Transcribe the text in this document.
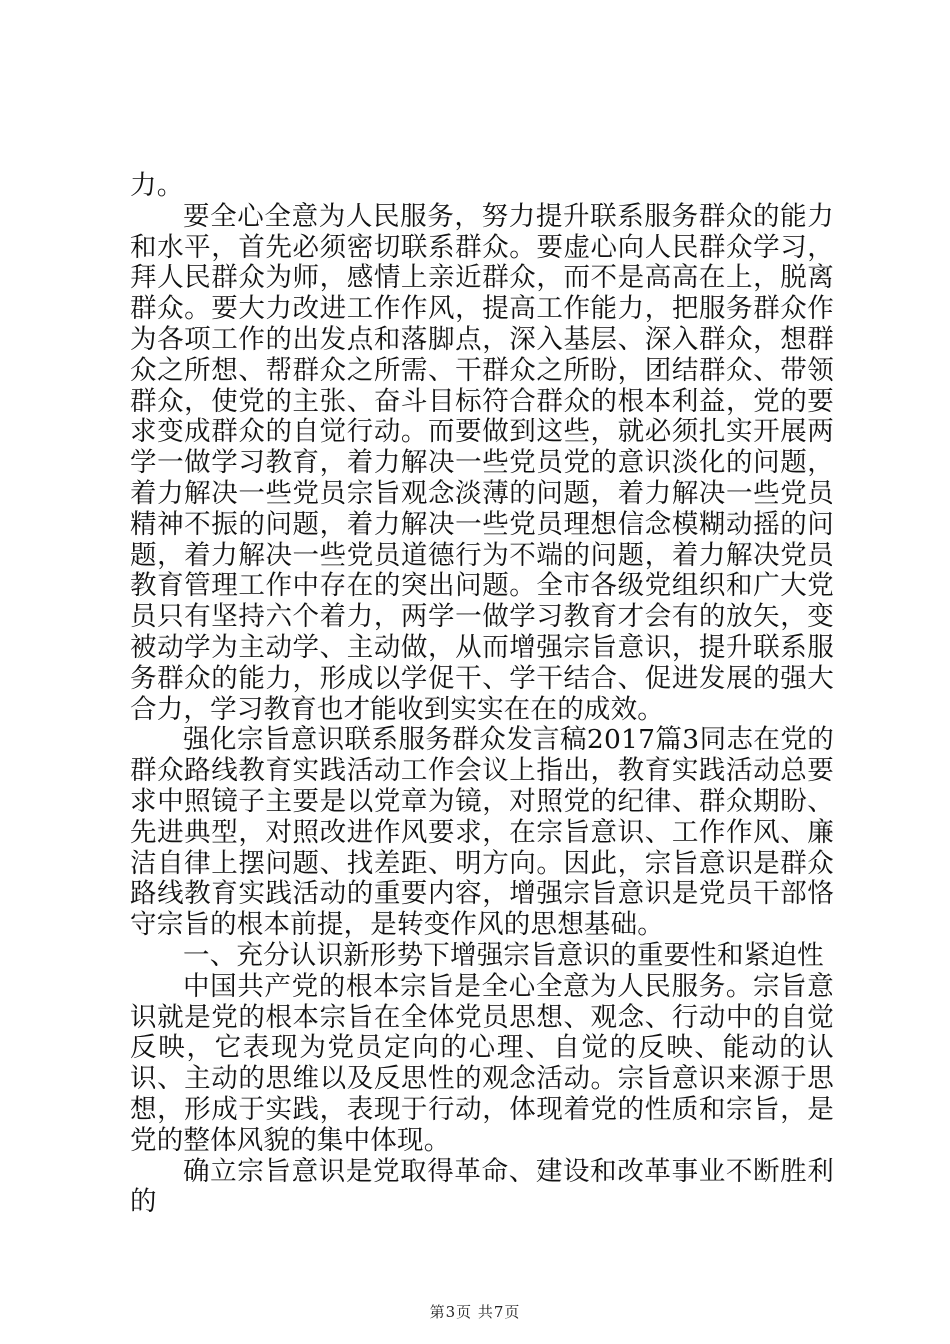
力。

要全心全意为人民服务，努力提升联系服务群众的能力和水平，首先必须密切联系群众。要虚心向人民群众学习，拜人民群众为师，感情上亲近群众，而不是高高在上，脱离群众。要大力改进工作作风，提高工作能力，把服务群众作为各项工作的出发点和落脚点，深入基层、深入群众，想群众之所想、帮群众之所需、干群众之所盼，团结群众、带领群众，使党的主张、奋斗目标符合群众的根本利益，党的要求变成群众的自觉行动。而要做到这些，就必须扎实开展两学一做学习教育，着力解决一些党员党的意识淡化的问题，着力解决一些党员宗旨观念淡薄的问题，着力解决一些党员精神不振的问题，着力解决一些党员理想信念模糊动摇的问题，着力解决一些党员道德行为不端的问题，着力解决党员教育管理工作中存在的突出问题。全市各级党组织和广大党员只有坚持六个着力，两学一做学习教育才会有的放矢，变被动学为主动学、主动做，从而增强宗旨意识，提升联系服务群众的能力，形成以学促干、学干结合、促进发展的强大合力，学习教育也才能收到实实在在的成效。

强化宗旨意识联系服务群众发言稿2017篇3同志在党的群众路线教育实践活动工作会议上指出，教育实践活动总要求中照镜子主要是以党章为镜，对照党的纪律、群众期盼、先进典型，对照改进作风要求，在宗旨意识、工作作风、廉洁自律上摆问题、找差距、明方向。因此，宗旨意识是群众路线教育实践活动的重要内容，增强宗旨意识是党员干部恪守宗旨的根本前提，是转变作风的思想基础。

一、充分认识新形势下增强宗旨意识的重要性和紧迫性

中国共产党的根本宗旨是全心全意为人民服务。宗旨意识就是党的根本宗旨在全体党员思想、观念、行动中的自觉反映，它表现为党员定向的心理、自觉的反映、能动的认识、主动的思维以及反思性的观念活动。宗旨意识来源于思想，形成于实践，表现于行动，体现着党的性质和宗旨，是党的整体风貌的集中体现。

确立宗旨意识是党取得革命、建设和改革事业不断胜利的

第3页 共7页
